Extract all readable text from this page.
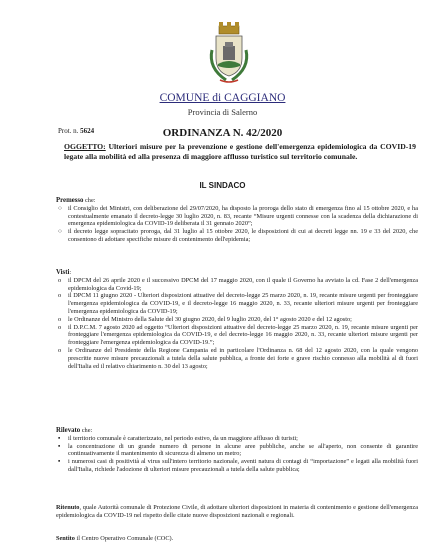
COMUNE di CAGGIANO
Provincia di Salerno
Prot. n. 5624	ORDINANZA N. 42/2020
OGGETTO: Ulteriori misure per la prevenzione e gestione dell'emergenza epidemiologica da COVID-19 legate alla mobilità ed alla presenza di maggiore afflusso turistico sul territorio comunale.
IL SINDACO
Premesso che:
○ il Consiglio dei Ministri, con deliberazione del 29/07/2020, ha disposto la proroga dello stato di emergenza fino al 15 ottobre 2020, e ha contestualmente emanato il decreto-legge 30 luglio 2020, n. 83, recante “Misure urgenti connesse con la scadenza della dichiarazione di emergenza epidemiologica da COVID-19 deliberata il 31 gennaio 2020”;
○ il decreto legge sopracitato proroga, dal 31 luglio al 15 ottobre 2020, le disposizioni di cui ai decreti legge nn. 19 e 33 del 2020, che consentono di adottare specifiche misure di contenimento dell'epidemia;
Visti:
o il DPCM del 26 aprile 2020 e il successivo DPCM del 17 maggio 2020, con il quale il Governo ha avviato la cd. Fase 2 dell'emergenza epidemiologica da Covid-19;
o il DPCM 11 giugno 2020 - Ulteriori disposizioni attuative del decreto-legge 25 marzo 2020, n. 19, recante misure urgenti per fronteggiare l'emergenza epidemiologica da COVID-19, e il decreto-legge 16 maggio 2020, n. 33, recante ulteriori misure urgenti per fronteggiare l'emergenza epidemiologica da COVID-19;
o le Ordinanze del Ministro della Salute del 30 giugno 2020, del 9 luglio 2020, del 1° agosto 2020 e del 12 agosto;
o il D.P.C.M. 7 agosto 2020 ad oggetto “Ulteriori disposizioni attuative del decreto-legge 25 marzo 2020, n. 19, recante misure urgenti per fronteggiare l'emergenza epidemiologica da COVID-19, e del decreto-legge 16 maggio 2020, n. 33, recante ulteriori misure urgenti per fronteggiare l'emergenza epidemiologica da COVID-19.”;
o le Ordinanze del Presidente della Regione Campania ed in particolare l'Ordinanza n. 68 del 12 agosto 2020, con la quale vengono prescritte nuove misure precauzionali a tutela della salute pubblica, a fronte dei forte e grave rischio connesso alla mobilità al di fuori dell'Italia ed il relativo chiarimento n. 30 del 13 agosto;
Rilevato che:
▪ il territorio comunale è caratterizzato, nel periodo estivo, da un maggiore afflusso di turisti;
▪ la concentrazione di un grande numero di persone in alcune aree pubbliche, anche se all'aperto, non consente di garantire continuativamente il mantenimento di sicurezza di almeno un metro;
▪ i numerosi casi di positività al virus sull'intero territorio nazionale, aventi natura di contagi di “importazione” e legati alla mobilità fuori dall'Italia, richiede l'adozione di ulteriori misure precauzionali a tutela della salute pubblica;
Ritenuto, quale Autorità comunale di Protezione Civile, di adottare ulteriori disposizioni in materia di contenimento e gestione dell'emergenza epidemiologica da COVID-19 nel rispetto delle citate nuove disposizioni nazionali e regionali.
Sentito il Centro Operativo Comunale (COC).
